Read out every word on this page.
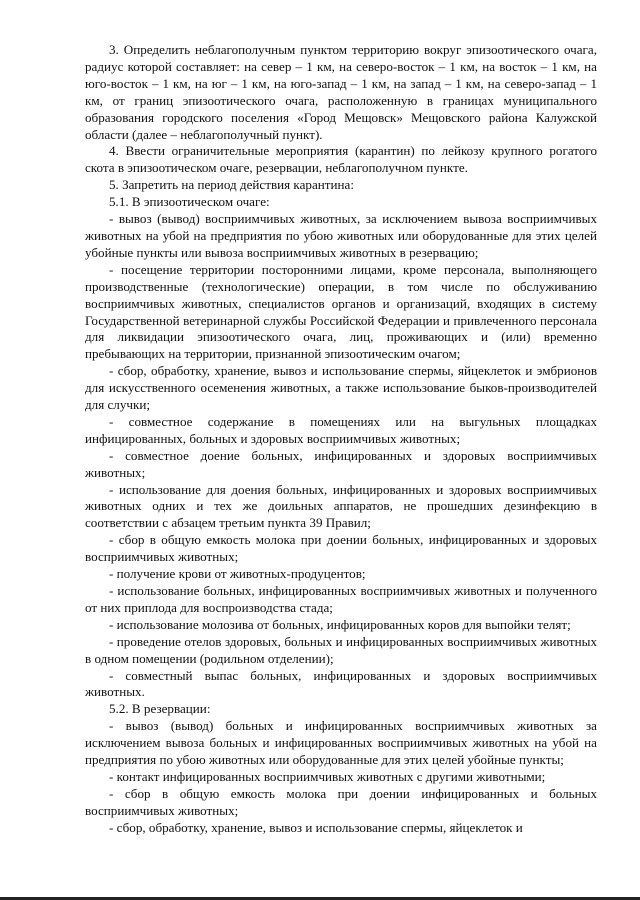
3. Определить неблагополучным пунктом территорию вокруг эпизоотического очага, радиус которой составляет: на север – 1 км, на северо-восток – 1 км, на восток – 1 км, на юго-восток – 1 км, на юг – 1 км, на юго-запад – 1 км, на запад – 1 км, на северо-запад – 1 км, от границ эпизоотического очага, расположенную в границах муниципального образования городского поселения «Город Мещовск» Мещовского района Калужской области (далее – неблагополучный пункт).

4. Ввести ограничительные мероприятия (карантин) по лейкозу крупного рогатого скота в эпизоотическом очаге, резервации, неблагополучном пункте.

5. Запретить на период действия карантина:

5.1. В эпизоотическом очаге:

- вывоз (вывод) восприимчивых животных, за исключением вывоза восприимчивых животных на убой на предприятия по убою животных или оборудованные для этих целей убойные пункты или вывоза восприимчивых животных в резервацию;

- посещение территории посторонними лицами, кроме персонала, выполняющего производственные (технологические) операции, в том числе по обслуживанию восприимчивых животных, специалистов органов и организаций, входящих в систему Государственной ветеринарной службы Российской Федерации и привлеченного персонала для ликвидации эпизоотического очага, лиц, проживающих и (или) временно пребывающих на территории, признанной эпизоотическим очагом;

- сбор, обработку, хранение, вывоз и использование спермы, яйцеклеток и эмбрионов для искусственного осеменения животных, а также использование быков-производителей для случки;

- совместное содержание в помещениях или на выгульных площадках инфицированных, больных и здоровых восприимчивых животных;

- совместное доение больных, инфицированных и здоровых восприимчивых животных;

- использование для доения больных, инфицированных и здоровых восприимчивых животных одних и тех же доильных аппаратов, не прошедших дезинфекцию в соответствии с абзацем третьим пункта 39 Правил;

- сбор в общую емкость молока при доении больных, инфицированных и здоровых восприимчивых животных;

- получение крови от животных-продуцентов;

- использование больных, инфицированных восприимчивых животных и полученного от них приплода для воспроизводства стада;

- использование молозива от больных, инфицированных коров для выпойки телят;

- проведение отелов здоровых, больных и инфицированных восприимчивых животных в одном помещении (родильном отделении);

- совместный выпас больных, инфицированных и здоровых восприимчивых животных.

5.2. В резервации:

- вывоз (вывод) больных и инфицированных восприимчивых животных за исключением вывоза больных и инфицированных восприимчивых животных на убой на предприятия по убою животных или оборудованные для этих целей убойные пункты;

- контакт инфицированных восприимчивых животных с другими животными;

- сбор в общую емкость молока при доении инфицированных и больных восприимчивых животных;

- сбор, обработку, хранение, вывоз и использование спермы, яйцеклеток и
